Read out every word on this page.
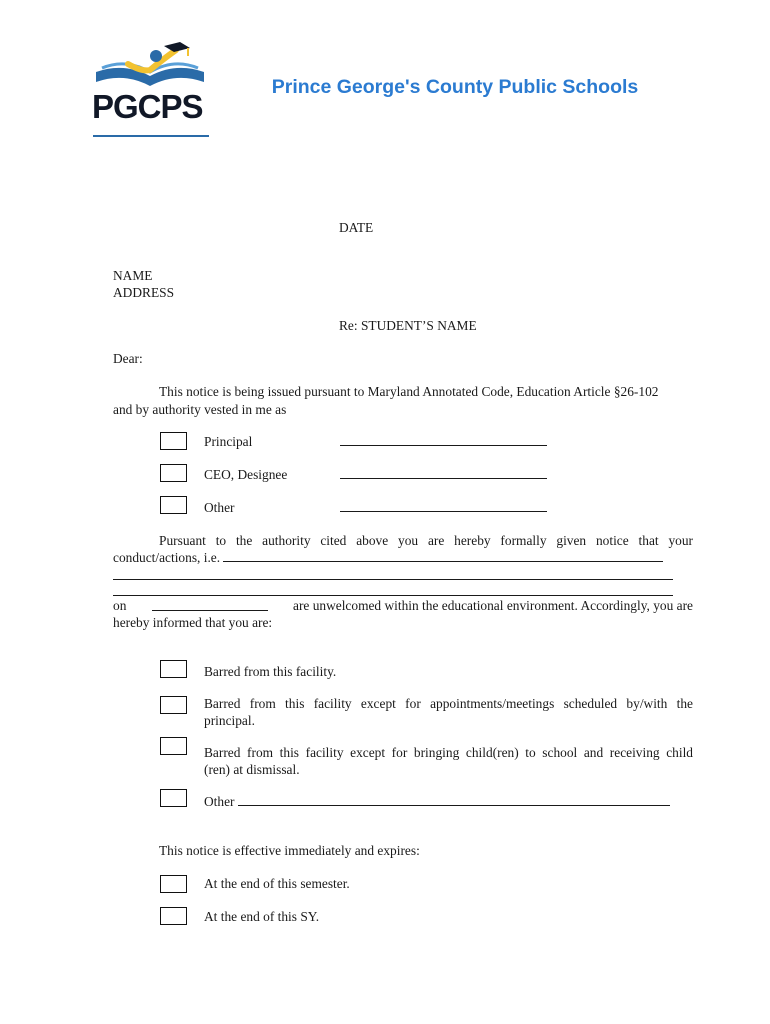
PGCPS
Prince George's County Public Schools
DATE
NAME
ADDRESS
Re: STUDENT’S NAME
Dear:
This notice is being issued pursuant to Maryland Annotated Code, Education Article §26-102
and by authority vested in me as
Principal
CEO, Designee
Other
Pursuant to the authority cited above you are hereby formally given notice that your
conduct/actions, i.e.
on	are unwelcomed within the educational environment. Accordingly, you are
hereby informed that you are:
Barred from this facility.
Barred from this facility except for appointments/meetings scheduled by/with the
principal.
Barred from this facility except for bringing child(ren) to school and receiving child
(ren) at dismissal.
Other
This notice is effective immediately and expires:
At the end of this semester.
At the end of this SY.
